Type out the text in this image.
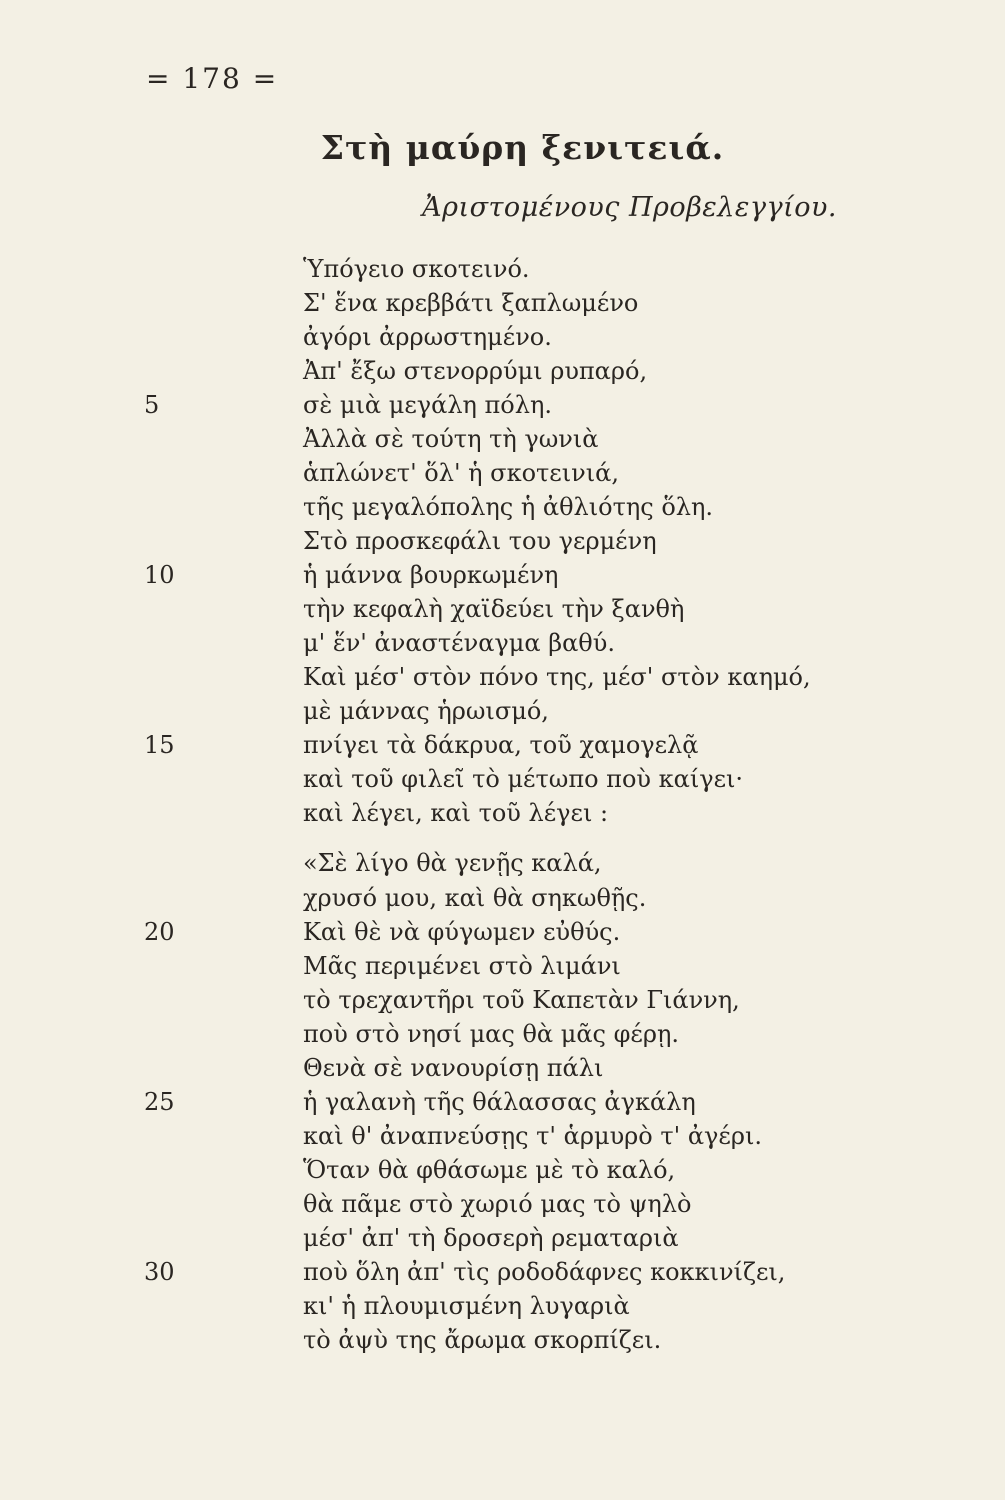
= 178 =
Στὴ μαύρη ξενιτειά.
Ἀριστομένους Προβελεγγίου.
Ὑπόγειο σκοτεινό.
Σ' ἕνα κρεββάτι ξαπλωμένο
ἀγόρι ἀρρωστημένο.
Ἀπ' ἔξω στενορρύμι ρυπαρό,
σὲ μιὰ μεγάλη πόλη.
Ἀλλὰ σὲ τούτη τὴ γωνιὰ
ἁπλώνετ' ὅλ' ἡ σκοτεινιά,
τῆς μεγαλόπολης ἡ ἀθλιότης ὅλη.
Στὸ προσκεφάλι του γερμένη
ἡ μάννα βουρκωμένη
τὴν κεφαλὴ χαϊδεύει τὴν ξανθὴ
μ' ἕν' ἀναστέναγμα βαθύ.
Καὶ μέσ' στὸν πόνο της, μέσ' στὸν καημό,
μὲ μάννας ἡρωισμό,
πνίγει τὰ δάκρυα, τοῦ χαμογελᾷ
καὶ τοῦ φιλεῖ τὸ μέτωπο ποὺ καίγει·
καὶ λέγει, καὶ τοῦ λέγει :
«Σὲ λίγο θὰ γενῇς καλά,
χρυσό μου, καὶ θὰ σηκωθῇς.
Καὶ θὲ νὰ φύγωμεν εὐθύς.
Μᾶς περιμένει στὸ λιμάνι
τὸ τρεχαντῆρι τοῦ Καπετὰν Γιάννη,
ποὺ στὸ νησί μας θὰ μᾶς φέρῃ.
Θενὰ σὲ νανουρίσῃ πάλι
ἡ γαλανὴ τῆς θάλασσας ἀγκάλη
καὶ θ' ἀναπνεύσῃς τ' ἁρμυρὸ τ' ἀγέρι.
Ὅταν θὰ φθάσωμε μὲ τὸ καλό,
θὰ πᾶμε στὸ χωριό μας τὸ ψηλὸ
μέσ' ἀπ' τὴ δροσερὴ ρεματαριὰ
ποὺ ὅλη ἀπ' τὶς ροδοδάφνες κοκκινίζει,
κι' ἡ πλουμισμένη λυγαριὰ
τὸ ἀψὺ της ἄρωμα σκορπίζει.
5
10
15
20
25
30
